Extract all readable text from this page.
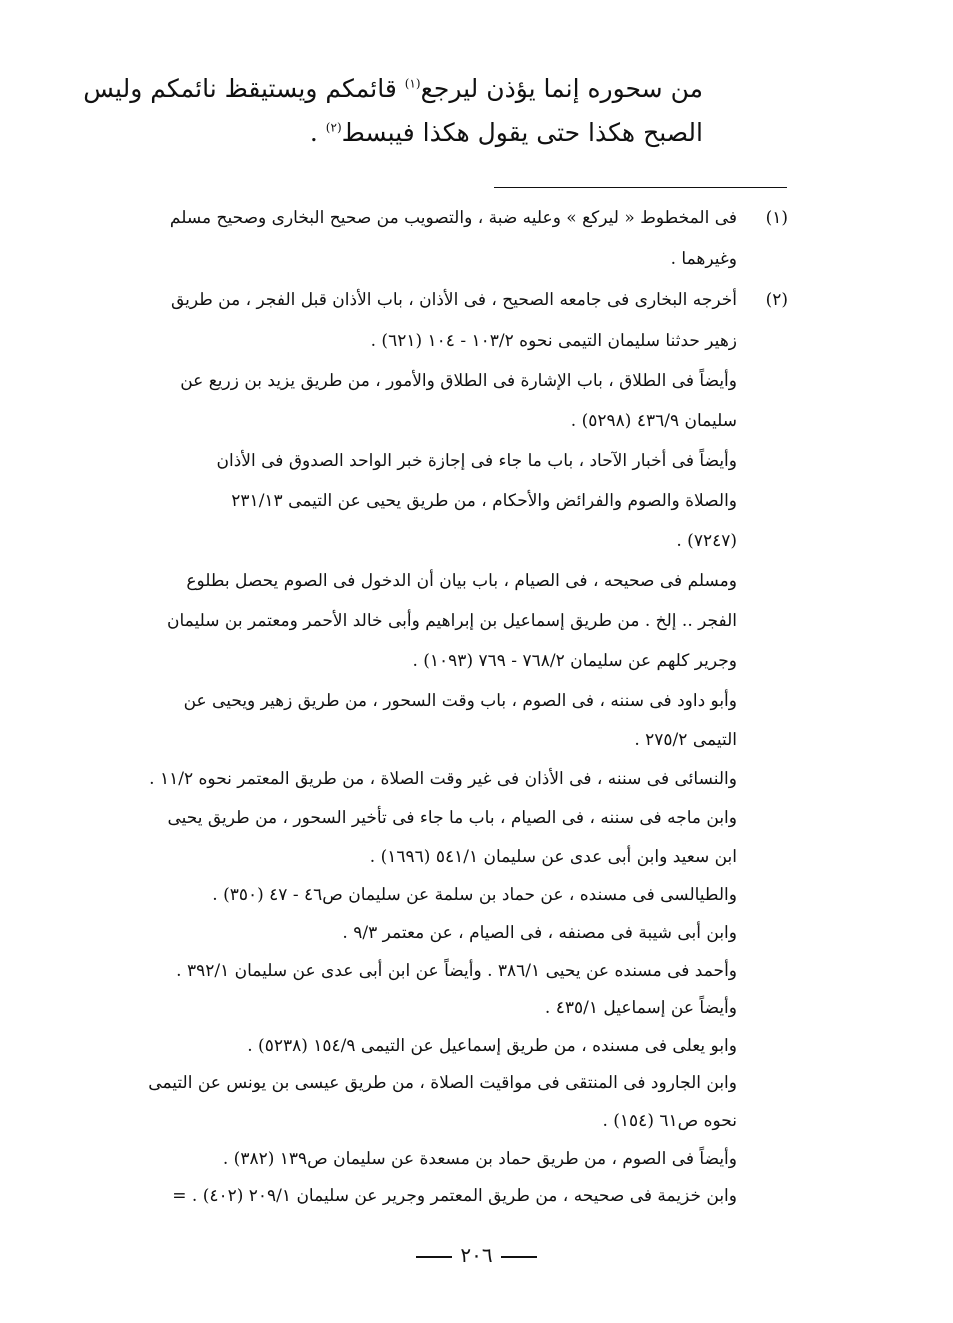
من سحوره إنما يؤذن ليرجع$^{(١)}$ قائمكم ويستيقظ نائمكم وليس

الصبح هكذا حتى يقول هكذا فيبسط$^{(٢)}$ .

(١)

(٢)

فى المخطوط « ليركع » وعليه ضبة ، والتصويب من صحيح البخارى وصحيح مسلم

وغيرهما .

أخرجه البخارى فى جامعه الصحيح ، فى الأذان ، باب الأذان قبل الفجر ، من طريق

زهير حدثنا سليمان التيمى نحوه ١٠٣/٢ - ١٠٤ (٦٢١) .

وأيضاً فى الطلاق ، باب الإشارة فى الطلاق والأمور ، من طريق يزيد بن زريع عن

سليمان ٤٣٦/٩ (٥٢٩٨) .

وأيضاً فى أخبار الآحاد ، باب ما جاء فى إجازة خبر الواحد الصدوق فى الأذان

والصلاة والصوم والفرائض والأحكام ، من طريق يحيى عن التيمى ٢٣١/١٣

(٧٢٤٧) .

ومسلم فى صحيحه ، فى الصيام ، باب بيان أن الدخول فى الصوم يحصل بطلوع

الفجر .. إلخ . من طريق إسماعيل بن إبراهيم وأبى خالد الأحمر ومعتمر بن سليمان

وجرير كلهم عن سليمان ٧٦٨/٢ - ٧٦٩ (١٠٩٣) .

وأبو داود فى سننه ، فى الصوم ، باب وقت السحور ، من طريق زهير ويحيى عن

التيمى ٢٧٥/٢ .

والنسائى فى سننه ، فى الأذان فى غير وقت الصلاة ، من طريق المعتمر نحوه ١١/٢ .

وابن ماجه فى سننه ، فى الصيام ، باب ما جاء فى تأخير السحور ، من طريق يحيى

ابن سعيد وابن أبى عدى عن سليمان ٥٤١/١ (١٦٩٦) .

والطيالسى فى مسنده ، عن حماد بن سلمة عن سليمان ص٤٦ - ٤٧ (٣٥٠) .

وابن أبى شيبة فى مصنفه ، فى الصيام ، عن معتمر ٩/٣ .

وأحمد فى مسنده عن يحيى ٣٨٦/١ . وأيضاً عن ابن أبى عدى عن سليمان ٣٩٢/١ .

وأيضاً عن إسماعيل ٤٣٥/١ .

وابو يعلى فى مسنده ، من طريق إسماعيل عن التيمى ١٥٤/٩ (٥٢٣٨) .

وابن الجارود فى المنتقى فى مواقيت الصلاة ، من طريق عيسى بن يونس عن التيمى

نحوه ص٦١ (١٥٤) .

وأيضاً فى الصوم ، من طريق حماد بن مسعدة عن سليمان ص١٣٩ (٣٨٢) .

وابن خزيمة فى صحيحه ، من طريق المعتمر وجرير عن سليمان ٢٠٩/١ (٤٠٢) . =

٢٠٦
